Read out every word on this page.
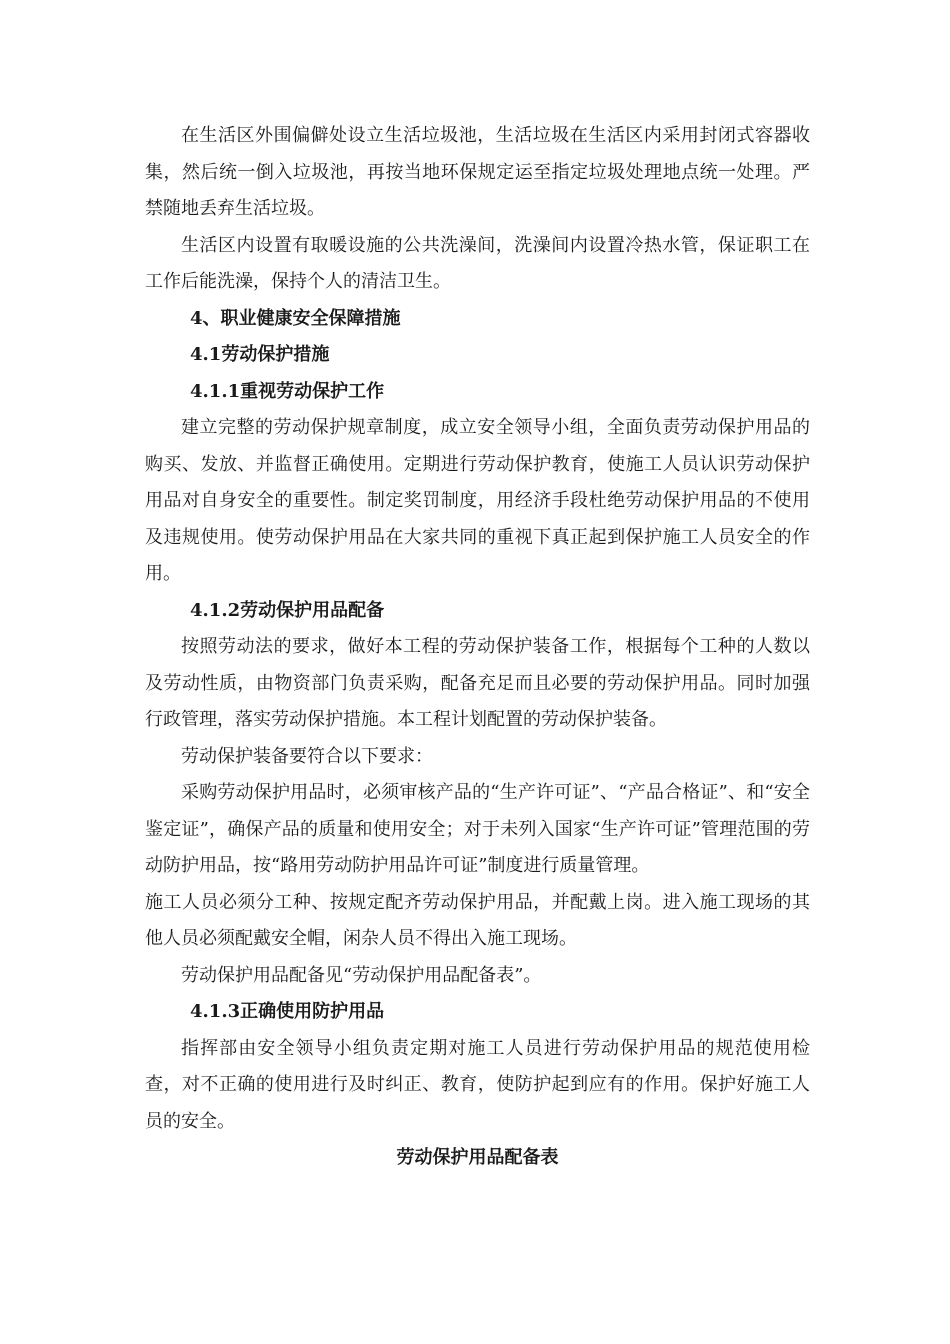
在生活区外围偏僻处设立生活垃圾池，生活垃圾在生活区内采用封闭式容器收集，然后统一倒入垃圾池，再按当地环保规定运至指定垃圾处理地点统一处理。严禁随地丢弃生活垃圾。

生活区内设置有取暖设施的公共洗澡间，洗澡间内设置冷热水管，保证职工在工作后能洗澡，保持个人的清洁卫生。

4、职业健康安全保障措施

4.1劳动保护措施

4.1.1重视劳动保护工作

建立完整的劳动保护规章制度，成立安全领导小组，全面负责劳动保护用品的购买、发放、并监督正确使用。定期进行劳动保护教育，使施工人员认识劳动保护用品对自身安全的重要性。制定奖罚制度，用经济手段杜绝劳动保护用品的不使用及违规使用。使劳动保护用品在大家共同的重视下真正起到保护施工人员安全的作用。

4.1.2劳动保护用品配备

按照劳动法的要求，做好本工程的劳动保护装备工作，根据每个工种的人数以及劳动性质，由物资部门负责采购，配备充足而且必要的劳动保护用品。同时加强行政管理，落实劳动保护措施。本工程计划配置的劳动保护装备。

劳动保护装备要符合以下要求：

采购劳动保护用品时，必须审核产品的“生产许可证”、“产品合格证”、和“安全鉴定证”，确保产品的质量和使用安全；对于未列入国家“生产许可证”管理范围的劳动防护用品，按“路用劳动防护用品许可证”制度进行质量管理。

施工人员必须分工种、按规定配齐劳动保护用品，并配戴上岗。进入施工现场的其他人员必须配戴安全帽，闲杂人员不得出入施工现场。

劳动保护用品配备见“劳动保护用品配备表”。

4.1.3正确使用防护用品

指挥部由安全领导小组负责定期对施工人员进行劳动保护用品的规范使用检查，对不正确的使用进行及时纠正、教育，使防护起到应有的作用。保护好施工人员的安全。

劳动保护用品配备表
